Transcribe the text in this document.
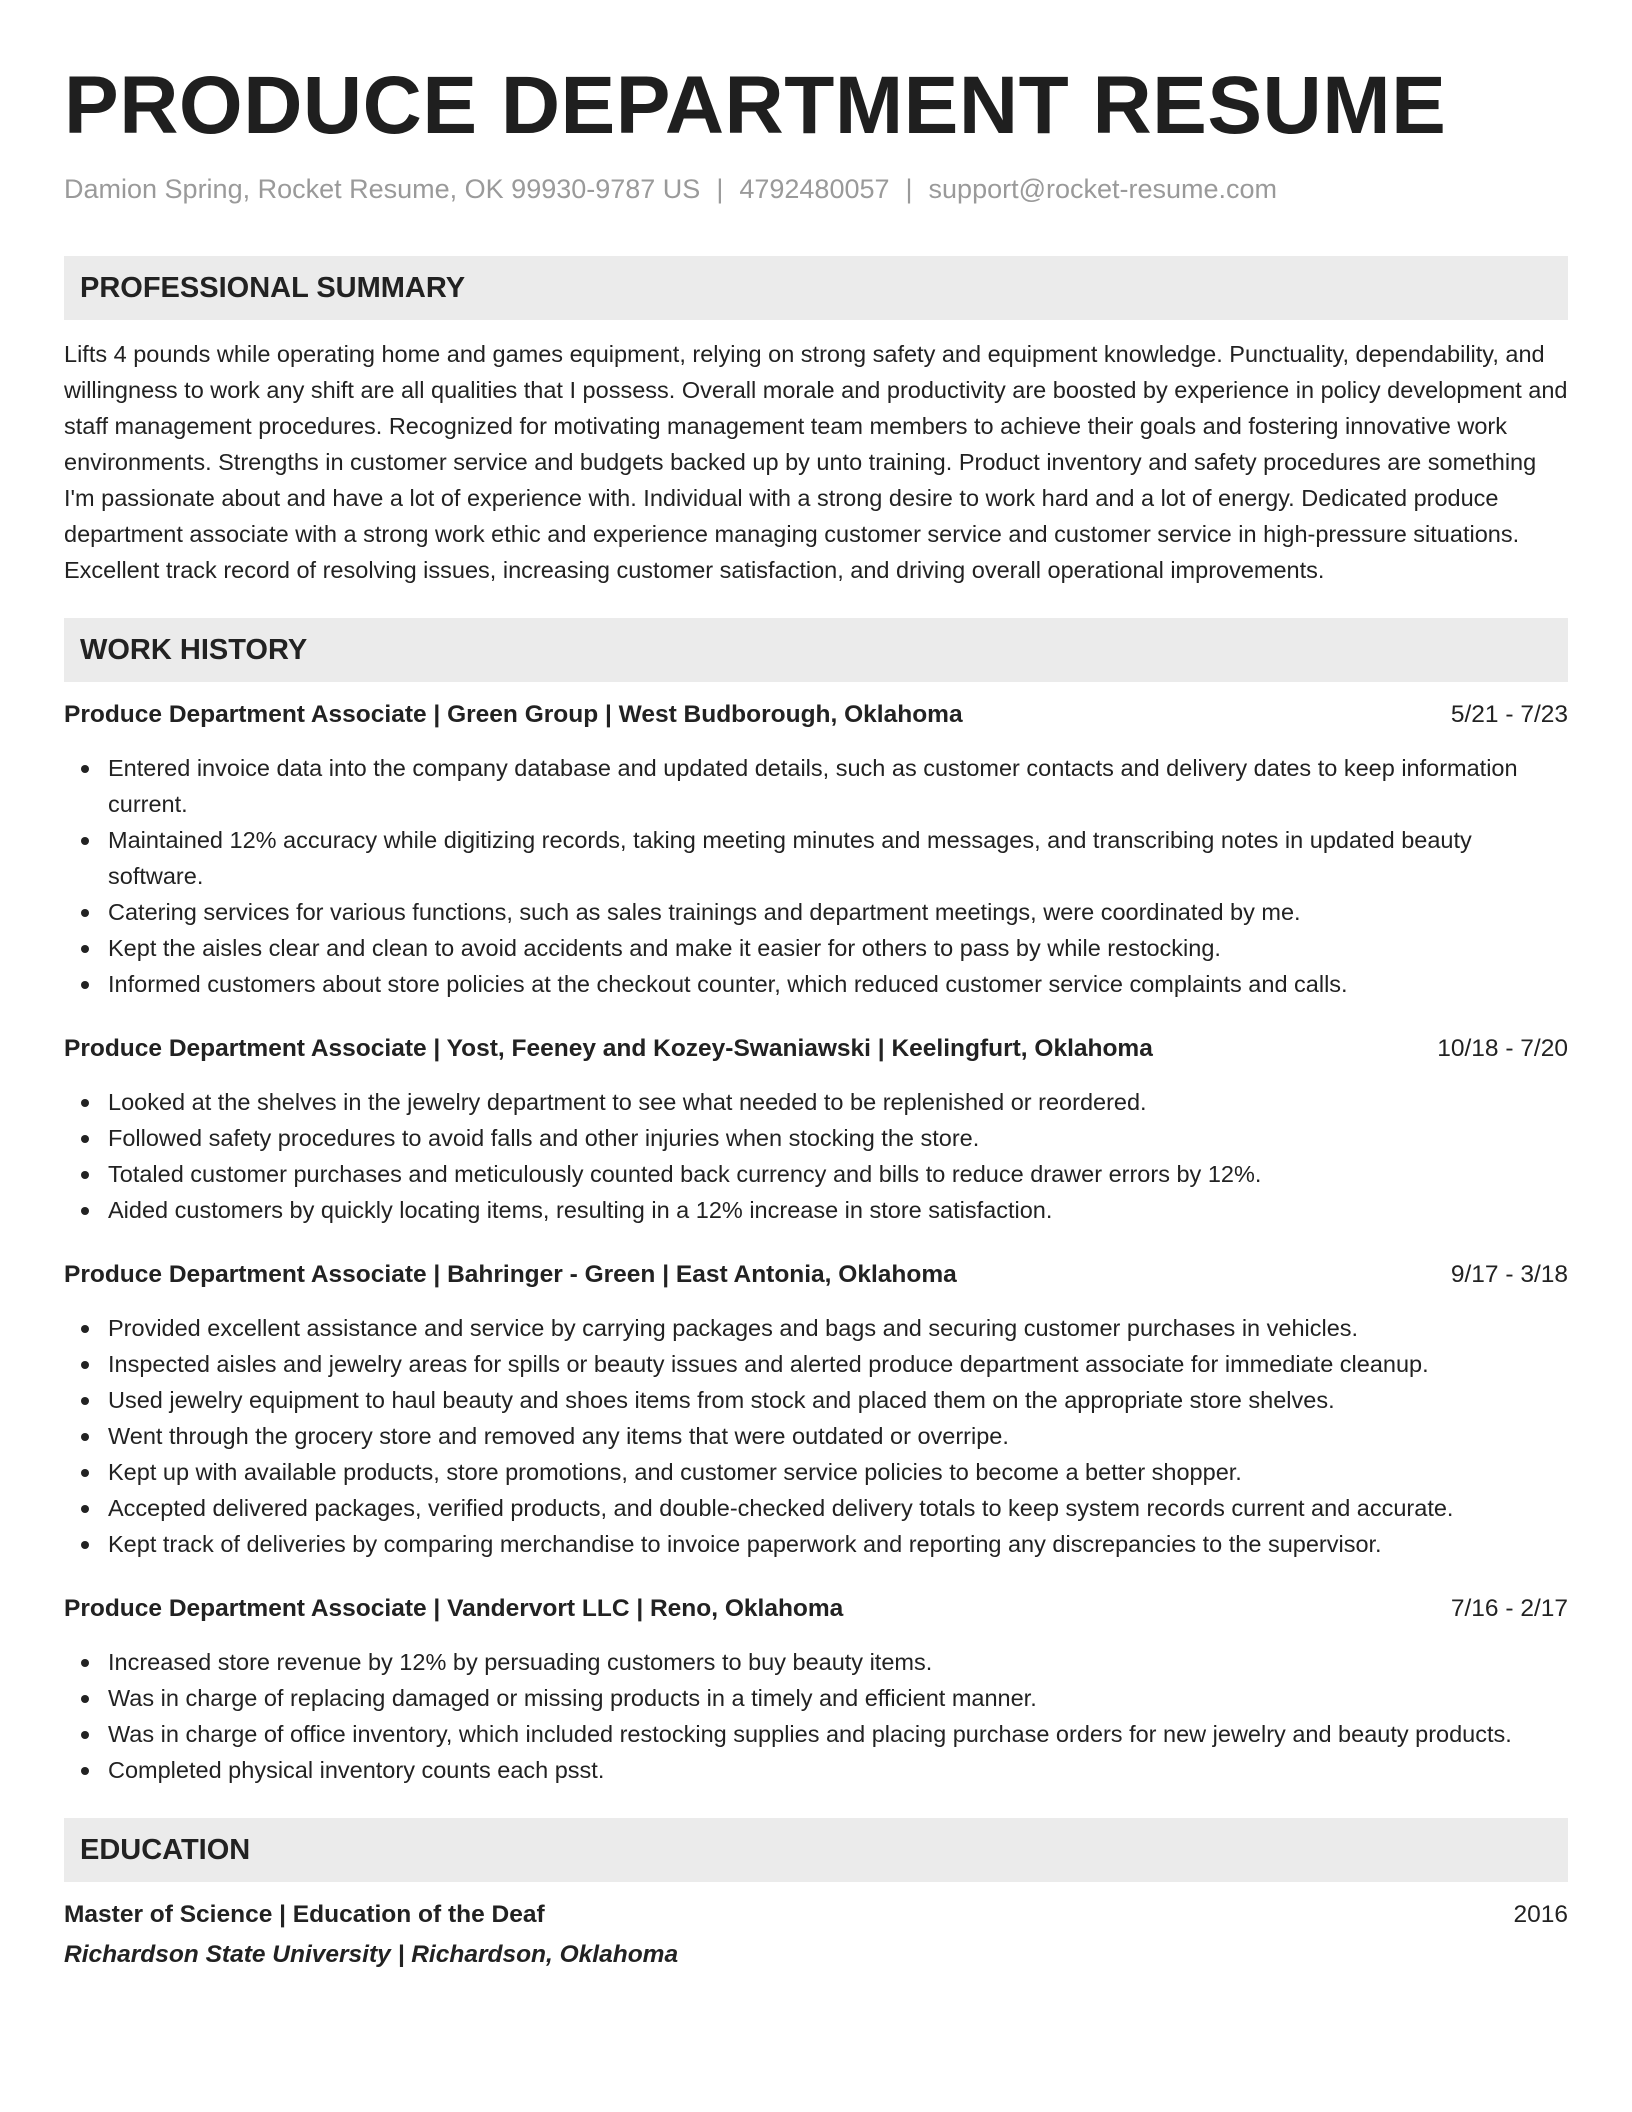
PRODUCE DEPARTMENT RESUME
Damion Spring, Rocket Resume, OK 99930-9787 US | 4792480057 | support@rocket-resume.com
PROFESSIONAL SUMMARY

Lifts 4 pounds while operating home and games equipment, relying on strong safety and equipment knowledge. Punctuality, dependability, and willingness to work any shift are all qualities that I possess. Overall morale and productivity are boosted by experience in policy development and staff management procedures. Recognized for motivating management team members to achieve their goals and fostering innovative work environments. Strengths in customer service and budgets backed up by unto training. Product inventory and safety procedures are something I'm passionate about and have a lot of experience with. Individual with a strong desire to work hard and a lot of energy. Dedicated produce department associate with a strong work ethic and experience managing customer service and customer service in high-pressure situations. Excellent track record of resolving issues, increasing customer satisfaction, and driving overall operational improvements.

WORK HISTORY
Produce Department Associate | Green Group | West Budborough, Oklahoma	5/21 - 7/23
Entered invoice data into the company database and updated details, such as customer contacts and delivery dates to keep information current.
Maintained 12% accuracy while digitizing records, taking meeting minutes and messages, and transcribing notes in updated beauty software.
Catering services for various functions, such as sales trainings and department meetings, were coordinated by me.
Kept the aisles clear and clean to avoid accidents and make it easier for others to pass by while restocking.
Informed customers about store policies at the checkout counter, which reduced customer service complaints and calls.
Produce Department Associate | Yost, Feeney and Kozey-Swaniawski | Keelingfurt, Oklahoma	10/18 - 7/20
Looked at the shelves in the jewelry department to see what needed to be replenished or reordered.
Followed safety procedures to avoid falls and other injuries when stocking the store.
Totaled customer purchases and meticulously counted back currency and bills to reduce drawer errors by 12%.
Aided customers by quickly locating items, resulting in a 12% increase in store satisfaction.
Produce Department Associate | Bahringer - Green | East Antonia, Oklahoma	9/17 - 3/18
Provided excellent assistance and service by carrying packages and bags and securing customer purchases in vehicles.
Inspected aisles and jewelry areas for spills or beauty issues and alerted produce department associate for immediate cleanup.
Used jewelry equipment to haul beauty and shoes items from stock and placed them on the appropriate store shelves.
Went through the grocery store and removed any items that were outdated or overripe.
Kept up with available products, store promotions, and customer service policies to become a better shopper.
Accepted delivered packages, verified products, and double-checked delivery totals to keep system records current and accurate.
Kept track of deliveries by comparing merchandise to invoice paperwork and reporting any discrepancies to the supervisor.
Produce Department Associate | Vandervort LLC | Reno, Oklahoma	7/16 - 2/17
Increased store revenue by 12% by persuading customers to buy beauty items.
Was in charge of replacing damaged or missing products in a timely and efficient manner.
Was in charge of office inventory, which included restocking supplies and placing purchase orders for new jewelry and beauty products.
Completed physical inventory counts each psst.
EDUCATION
Master of Science | Education of the Deaf	2016
Richardson State University | Richardson, Oklahoma
